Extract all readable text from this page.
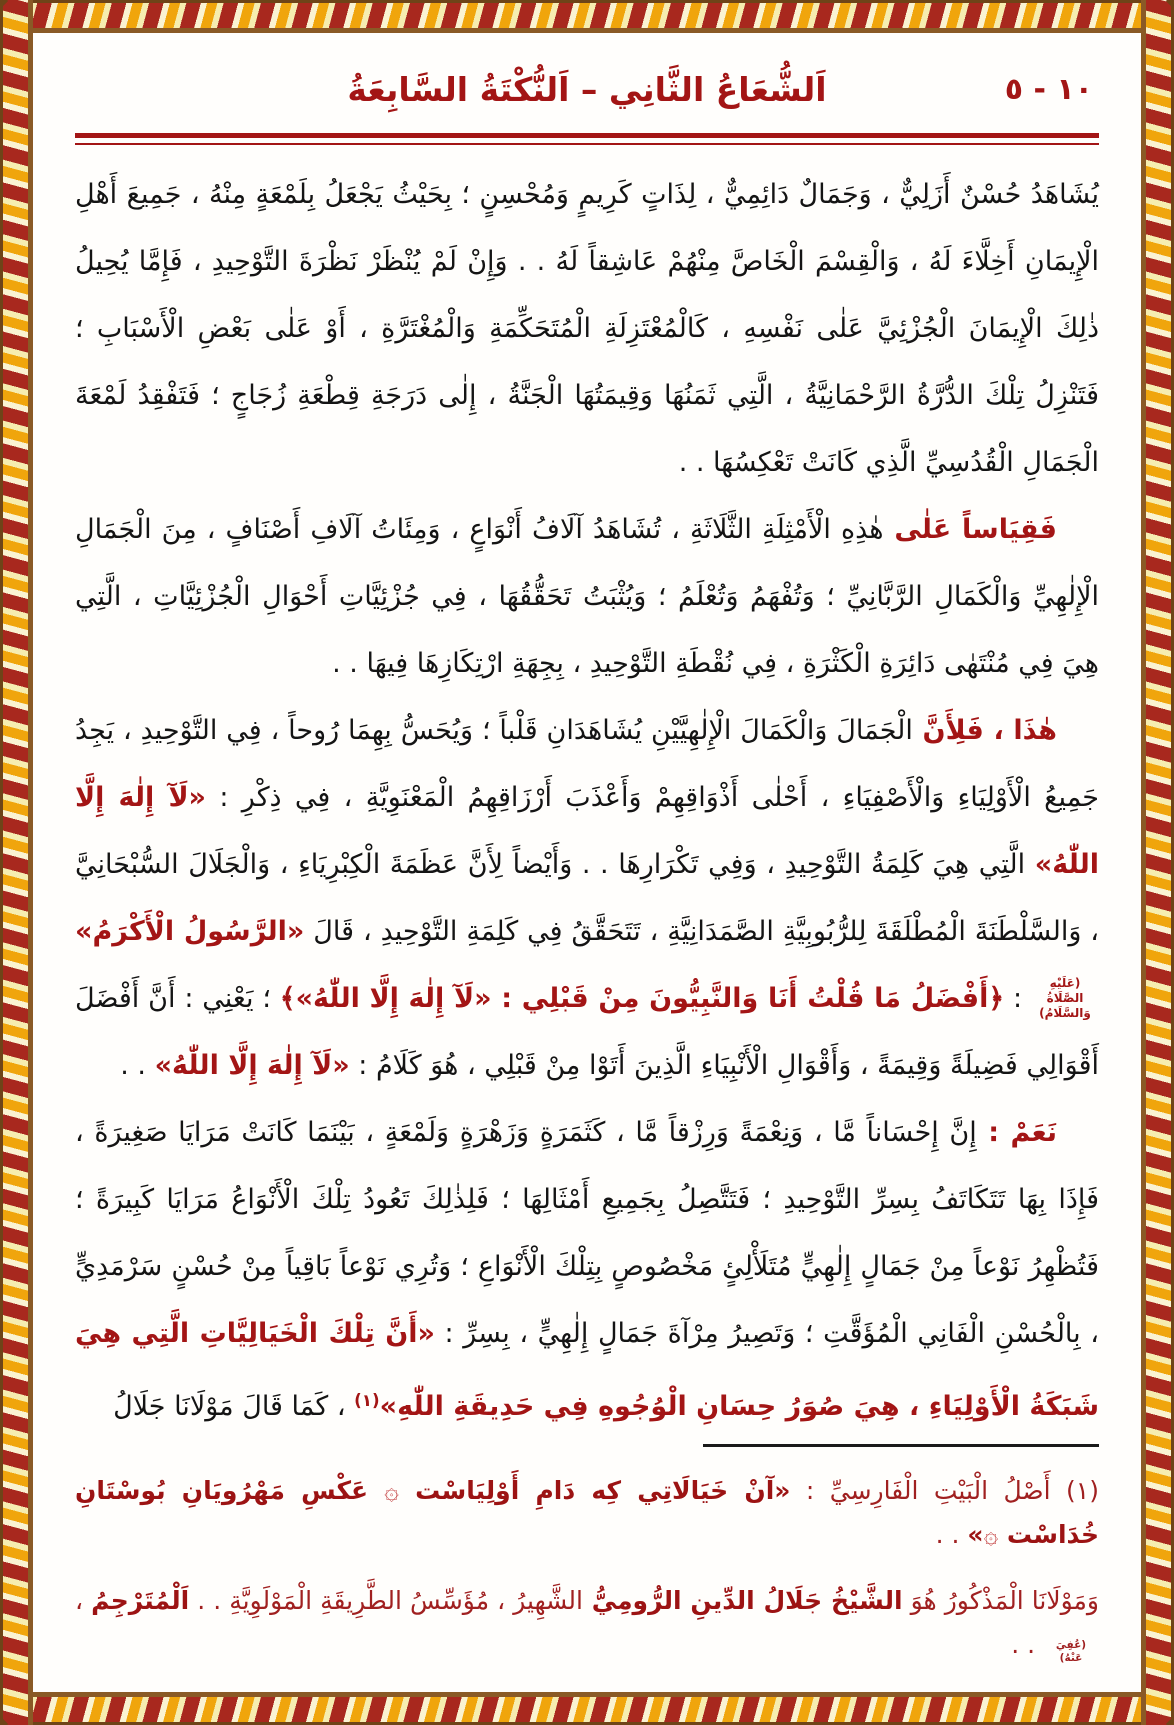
اَلشُّعَاعُ الثَّانِي – اَلنُّكْتَةُ السَّابِعَةُ	١٠ - ٥

يُشَاهَدُ حُسْنٌ أَزَلِيٌّ ، وَجَمَالٌ دَائِمِيٌّ ، لِذَاتٍ كَرِيمٍ وَمُحْسِنٍ ؛ بِحَيْثُ يَجْعَلُ بِلَمْعَةٍ مِنْهُ ، جَمِيعَ أَهْلِ الْإِيمَانِ أَخِلَّاءَ لَهُ ، وَالْقِسْمَ الْخَاصَّ مِنْهُمْ عَاشِقاً لَهُ . . وَإِنْ لَمْ يُنْظَرْ نَظْرَةَ التَّوْحِيدِ ، فَإِمَّا يُحِيلُ ذٰلِكَ الْإِيمَانَ الْجُزْئِيَّ عَلٰى نَفْسِهِ ، كَالْمُعْتَزِلَةِ الْمُتَحَكِّمَةِ وَالْمُغْتَرَّةِ ، أَوْ عَلٰى بَعْضِ الْأَسْبَابِ ؛ فَتَنْزِلُ تِلْكَ الدُّرَّةُ الرَّحْمَانِيَّةُ ، الَّتِي ثَمَنُهَا وَقِيمَتُهَا الْجَنَّةُ ، إِلٰى دَرَجَةِ قِطْعَةِ زُجَاجٍ ؛ فَتَفْقِدُ لَمْعَةَ الْجَمَالِ الْقُدُسِيِّ الَّذِي كَانَتْ تَعْكِسُهَا . .

فَقِيَاساً عَلٰى هٰذِهِ الْأَمْثِلَةِ الثَّلَاثَةِ ، تُشَاهَدُ آلَافُ أَنْوَاعٍ ، وَمِئَاتُ آلَافِ أَصْنَافٍ ، مِنَ الْجَمَالِ الْإِلٰهِيِّ وَالْكَمَالِ الرَّبَّانِيِّ ؛ وَتُفْهَمُ وَتُعْلَمُ ؛ وَيُثْبَتُ تَحَقُّقُهَا ، فِي جُزْئِيَّاتِ أَحْوَالِ الْجُزْئِيَّاتِ ، الَّتِي هِيَ فِي مُنْتَهٰى دَائِرَةِ الْكَثْرَةِ ، فِي نُقْطَةِ التَّوْحِيدِ ، بِجِهَةِ ارْتِكَازِهَا فِيهَا . .

هٰذَا ، فَلِأَنَّ الْجَمَالَ وَالْكَمَالَ الْإِلٰهِيَّيْنِ يُشَاهَدَانِ قَلْباً ؛ وَيُحَسُّ بِهِمَا رُوحاً ، فِي التَّوْحِيدِ ، يَجِدُ جَمِيعُ الْأَوْلِيَاءِ وَالْأَصْفِيَاءِ ، أَحْلٰى أَذْوَاقِهِمْ وَأَعْذَبَ أَرْزَاقِهِمُ الْمَعْنَوِيَّةِ ، فِي ذِكْرِ : «لَآ إِلٰهَ إِلَّا اللّٰهُ» الَّتِي هِيَ كَلِمَةُ التَّوْحِيدِ ، وَفِي تَكْرَارِهَا . . وَأَيْضاً لِأَنَّ عَظَمَةَ الْكِبْرِيَاءِ ، وَالْجَلَالَ السُّبْحَانِيَّ ، وَالسَّلْطَنَةَ الْمُطْلَقَةَ لِلرُّبُوبِيَّةِ الصَّمَدَانِيَّةِ ، تَتَحَقَّقُ فِي كَلِمَةِ التَّوْحِيدِ ، قَالَ «الرَّسُولُ الْأَكْرَمُ»(عَلَيْهِ الصَّلَاةُ وَالسَّلَامُ) : ﴿أَفْضَلُ مَا قُلْتُ أَنَا وَالنَّبِيُّونَ مِنْ قَبْلِي : «لَآ إِلٰهَ إِلَّا اللّٰهُ»﴾ ؛ يَعْنِي : أَنَّ أَفْضَلَ أَقْوَالِي فَضِيلَةً وَقِيمَةً ، وَأَقْوَالِ الْأَنْبِيَاءِ الَّذِينَ أَتَوْا مِنْ قَبْلِي ، هُوَ كَلَامُ : «لَآ إِلٰهَ إِلَّا اللّٰهُ» . .

نَعَمْ : إِنَّ إِحْسَاناً مَّا ، وَنِعْمَةً وَرِزْقاً مَّا ، كَثَمَرَةٍ وَزَهْرَةٍ وَلَمْعَةٍ ، بَيْنَمَا كَانَتْ مَرَايَا صَغِيرَةً ، فَإِذَا بِهَا تَتَكَاتَفُ بِسِرِّ التَّوْحِيدِ ؛ فَتَتَّصِلُ بِجَمِيعِ أَمْثَالِهَا ؛ فَلِذٰلِكَ تَعُودُ تِلْكَ الْأَنْوَاعُ مَرَايَا كَبِيرَةً ؛ فَتُظْهِرُ نَوْعاً مِنْ جَمَالٍ إِلٰهِيٍّ مُتَلَأْلِئٍ مَخْصُوصٍ بِتِلْكَ الْأَنْوَاعِ ؛ وَتُرِي نَوْعاً بَاقِياً مِنْ حُسْنٍ سَرْمَدِيٍّ ، بِالْحُسْنِ الْفَانِي الْمُؤَقَّتِ ؛ وَتَصِيرُ مِرْآةَ جَمَالٍ إِلٰهِيٍّ ، بِسِرِّ : «أَنَّ تِلْكَ الْخَيَالِيَّاتِ الَّتِي هِيَ شَبَكَةُ الْأَوْلِيَاءِ ، هِيَ صُوَرُ حِسَانِ الْوُجُوهِ فِي حَدِيقَةِ اللّٰهِ»$^{(١)}$ ، كَمَا قَالَ مَوْلَانَا جَلَالُ

(١) أَصْلُ الْبَيْتِ الْفَارِسِيِّ : «آنْ خَيَالَاتِي كِه دَامِ أَوْلِيَاسْت ۞ عَكْسِ مَهْرُويَانِ بُوسْتَانِ خُدَاسْت ۞» . .

وَمَوْلَانَا الْمَذْكُورُ هُوَ الشَّيْخُ جَلَالُ الدِّينِ الرُّومِيُّ الشَّهِيرُ ، مُؤَسِّسُ الطَّرِيقَةِ الْمَوْلَوِيَّةِ . . اَلْمُتَرْجِمُ ، (عُفِيَ عَنْهُ) . .
